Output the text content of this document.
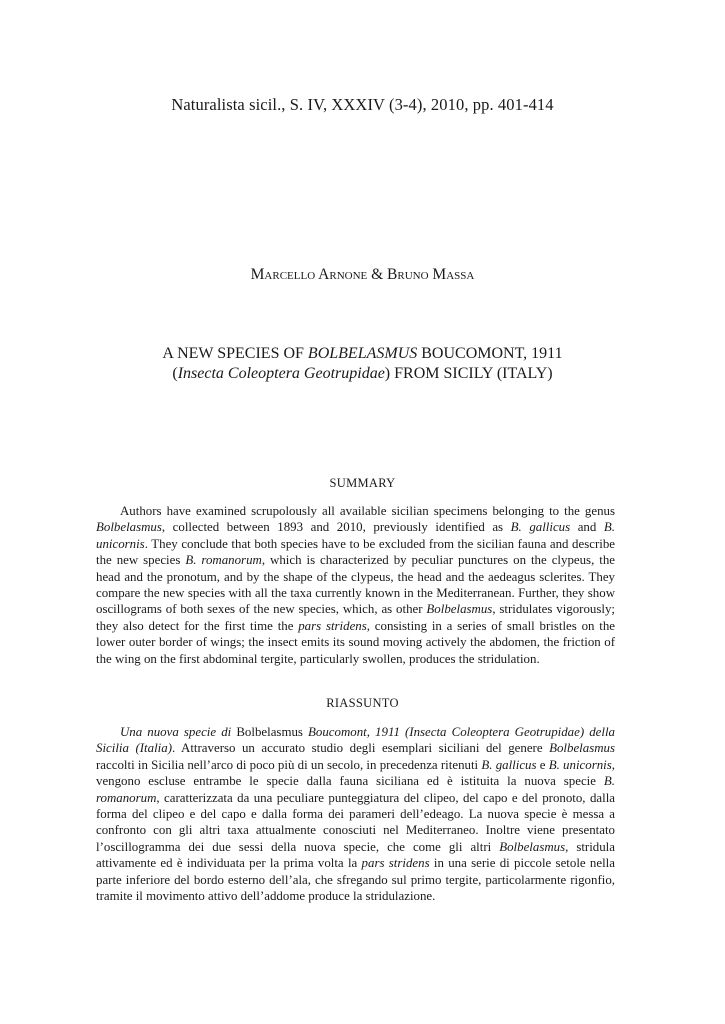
Naturalista sicil., S. IV, XXXIV (3-4), 2010, pp. 401-414
Marcello Arnone & Bruno Massa
A NEW SPECIES OF BOLBELASMUS BOUCOMONT, 1911
(Insecta Coleoptera Geotrupidae) FROM SICILY (ITALY)
SUMMARY

Authors have examined scrupolously all available sicilian specimens belonging to the genus Bolbelasmus, collected between 1893 and 2010, previously identified as B. gallicus and B. unicornis. They conclude that both species have to be excluded from the sicilian fauna and describe the new species B. romanorum, which is characterized by peculiar punctures on the clypeus, the head and the pronotum, and by the shape of the clypeus, the head and the aedeagus sclerites. They compare the new species with all the taxa currently known in the Mediterranean. Further, they show oscillograms of both sexes of the new species, which, as other Bolbelasmus, stridulates vigorously; they also detect for the first time the pars stridens, consisting in a series of small bristles on the lower outer border of wings; the insect emits its sound moving actively the abdomen, the friction of the wing on the first abdominal tergite, particularly swollen, produces the stridulation.

RIASSUNTO

Una nuova specie di Bolbelasmus Boucomont, 1911 (Insecta Coleoptera Geotrupidae) della Sicilia (Italia). Attraverso un accurato studio degli esemplari siciliani del genere Bolbelasmus raccolti in Sicilia nell’arco di poco più di un secolo, in precedenza ritenuti B. gallicus e B. unicornis, vengono escluse entrambe le specie dalla fauna siciliana ed è istituita la nuova specie B. romanorum, caratterizzata da una peculiare punteggiatura del clipeo, del capo e del pronoto, dalla forma del clipeo e del capo e dalla forma dei parameri dell’edeago. La nuova specie è messa a confronto con gli altri taxa attualmente conosciuti nel Mediterraneo. Inoltre viene presentato l’oscillogramma dei due sessi della nuova specie, che come gli altri Bolbelasmus, stridula attivamente ed è individuata per la prima volta la pars stridens in una serie di piccole setole nella parte inferiore del bordo esterno dell’ala, che sfregando sul primo tergite, particolarmente rigonfio, tramite il movimento attivo dell’addome produce la stridulazione.
